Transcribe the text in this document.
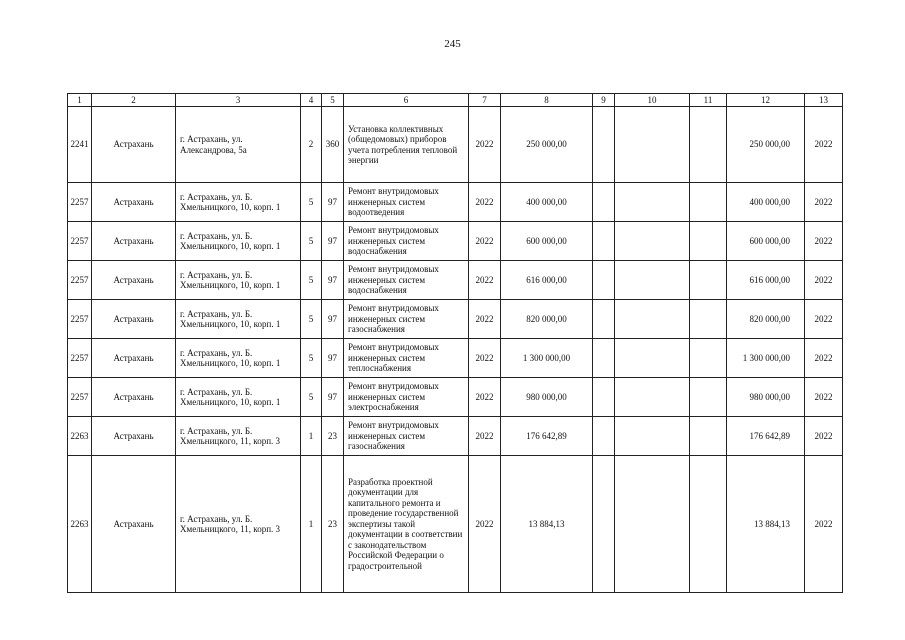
245
1	2	3	4	5	6	7	8	9	10	11	12	13

2241	Астрахань	г. Астрахань, ул. Александрова, 5а	2	360	Установка коллективных (общедомовых) приборов учета потребления тепловой энергии	2022	250 000,00				250 000,00	2022

2257	Астрахань	г. Астрахань, ул. Б. Хмельницкого, 10, корп. 1	5	97	Ремонт внутридомовых инженерных систем водоотведения	2022	400 000,00				400 000,00	2022

2257	Астрахань	г. Астрахань, ул. Б. Хмельницкого, 10, корп. 1	5	97	Ремонт внутридомовых инженерных систем водоснабжения	2022	600 000,00				600 000,00	2022

2257	Астрахань	г. Астрахань, ул. Б. Хмельницкого, 10, корп. 1	5	97	Ремонт внутридомовых инженерных систем водоснабжения	2022	616 000,00				616 000,00	2022

2257	Астрахань	г. Астрахань, ул. Б. Хмельницкого, 10, корп. 1	5	97	Ремонт внутридомовых инженерных систем газоснабжения	2022	820 000,00				820 000,00	2022

2257	Астрахань	г. Астрахань, ул. Б. Хмельницкого, 10, корп. 1	5	97	Ремонт внутридомовых инженерных систем теплоснабжения	2022	1 300 000,00				1 300 000,00	2022

2257	Астрахань	г. Астрахань, ул. Б. Хмельницкого, 10, корп. 1	5	97	Ремонт внутридомовых инженерных систем электроснабжения	2022	980 000,00				980 000,00	2022

2263	Астрахань	г. Астрахань, ул. Б. Хмельницкого, 11, корп. 3	1	23	Ремонт внутридомовых инженерных систем газоснабжения	2022	176 642,89				176 642,89	2022

2263	Астрахань	г. Астрахань, ул. Б. Хмельницкого, 11, корп. 3	1	23	Разработка проектной документации для капитального ремонта и проведение государственной экспертизы такой документации в соответствии с законодательством Российской Федерации о градостроительной	2022	13 884,13				13 884,13	2022
